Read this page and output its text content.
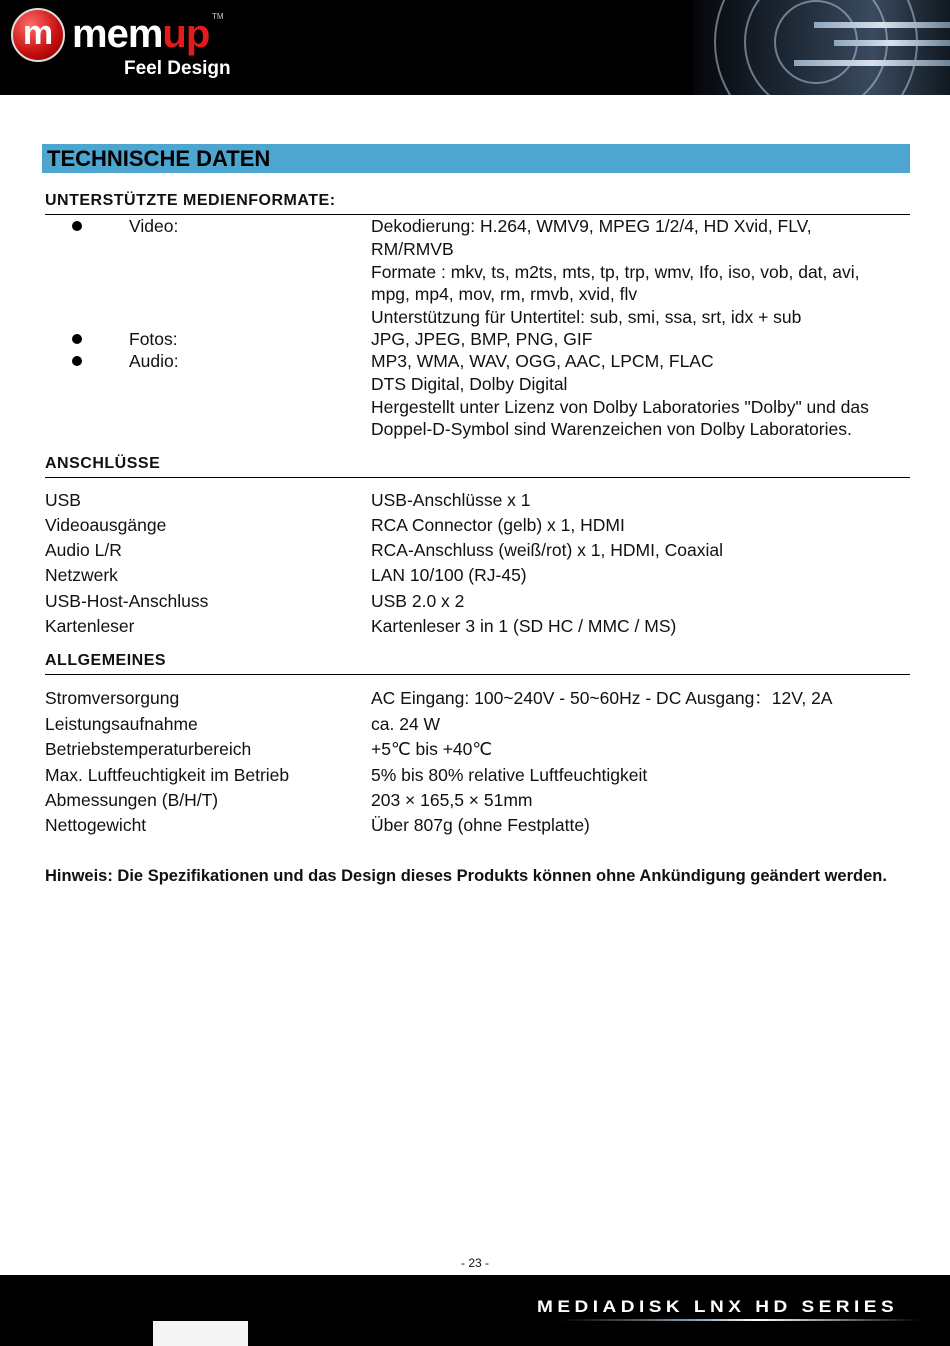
m memup TM
Feel Design
TECHNISCHE DATEN
UNTERSTÜTZTE MEDIENFORMATE:
Video:	Dekodierung: H.264, WMV9, MPEG 1/2/4, HD Xvid, FLV,
RM/RMVB
Formate : mkv, ts, m2ts, mts, tp, trp, wmv, Ifo, iso, vob, dat, avi,
mpg, mp4, mov, rm, rmvb, xvid, flv
Unterstützung für Untertitel: sub, smi, ssa, srt, idx + sub
Fotos:	JPG, JPEG, BMP, PNG, GIF
Audio:	MP3, WMA, WAV, OGG, AAC, LPCM, FLAC
DTS Digital, Dolby Digital
Hergestellt unter Lizenz von Dolby Laboratories "Dolby" und das
Doppel-D-Symbol sind Warenzeichen von Dolby Laboratories.
ANSCHLÜSSE
USB	USB-Anschlüsse x 1
Videoausgänge	RCA Connector (gelb) x 1, HDMI
Audio L/R	RCA-Anschluss (weiß/rot) x 1, HDMI, Coaxial
Netzwerk	LAN 10/100 (RJ-45)
USB-Host-Anschluss	USB 2.0 x 2
Kartenleser	Kartenleser 3 in 1 (SD HC / MMC / MS)
ALLGEMEINES
Stromversorgung	AC Eingang: 100~240V - 50~60Hz - DC Ausgang：12V, 2A
Leistungsaufnahme	ca. 24 W
Betriebstemperaturbereich	+5℃ bis +40℃
Max. Luftfeuchtigkeit im Betrieb	5% bis 80% relative Luftfeuchtigkeit
Abmessungen (B/H/T)	203 × 165,5 × 51mm
Nettogewicht	Über 807g (ohne Festplatte)
Hinweis: Die Spezifikationen und das Design dieses Produkts können ohne Ankündigung geändert werden.
- 23 -
MEDIADISK LNX HD SERIES
